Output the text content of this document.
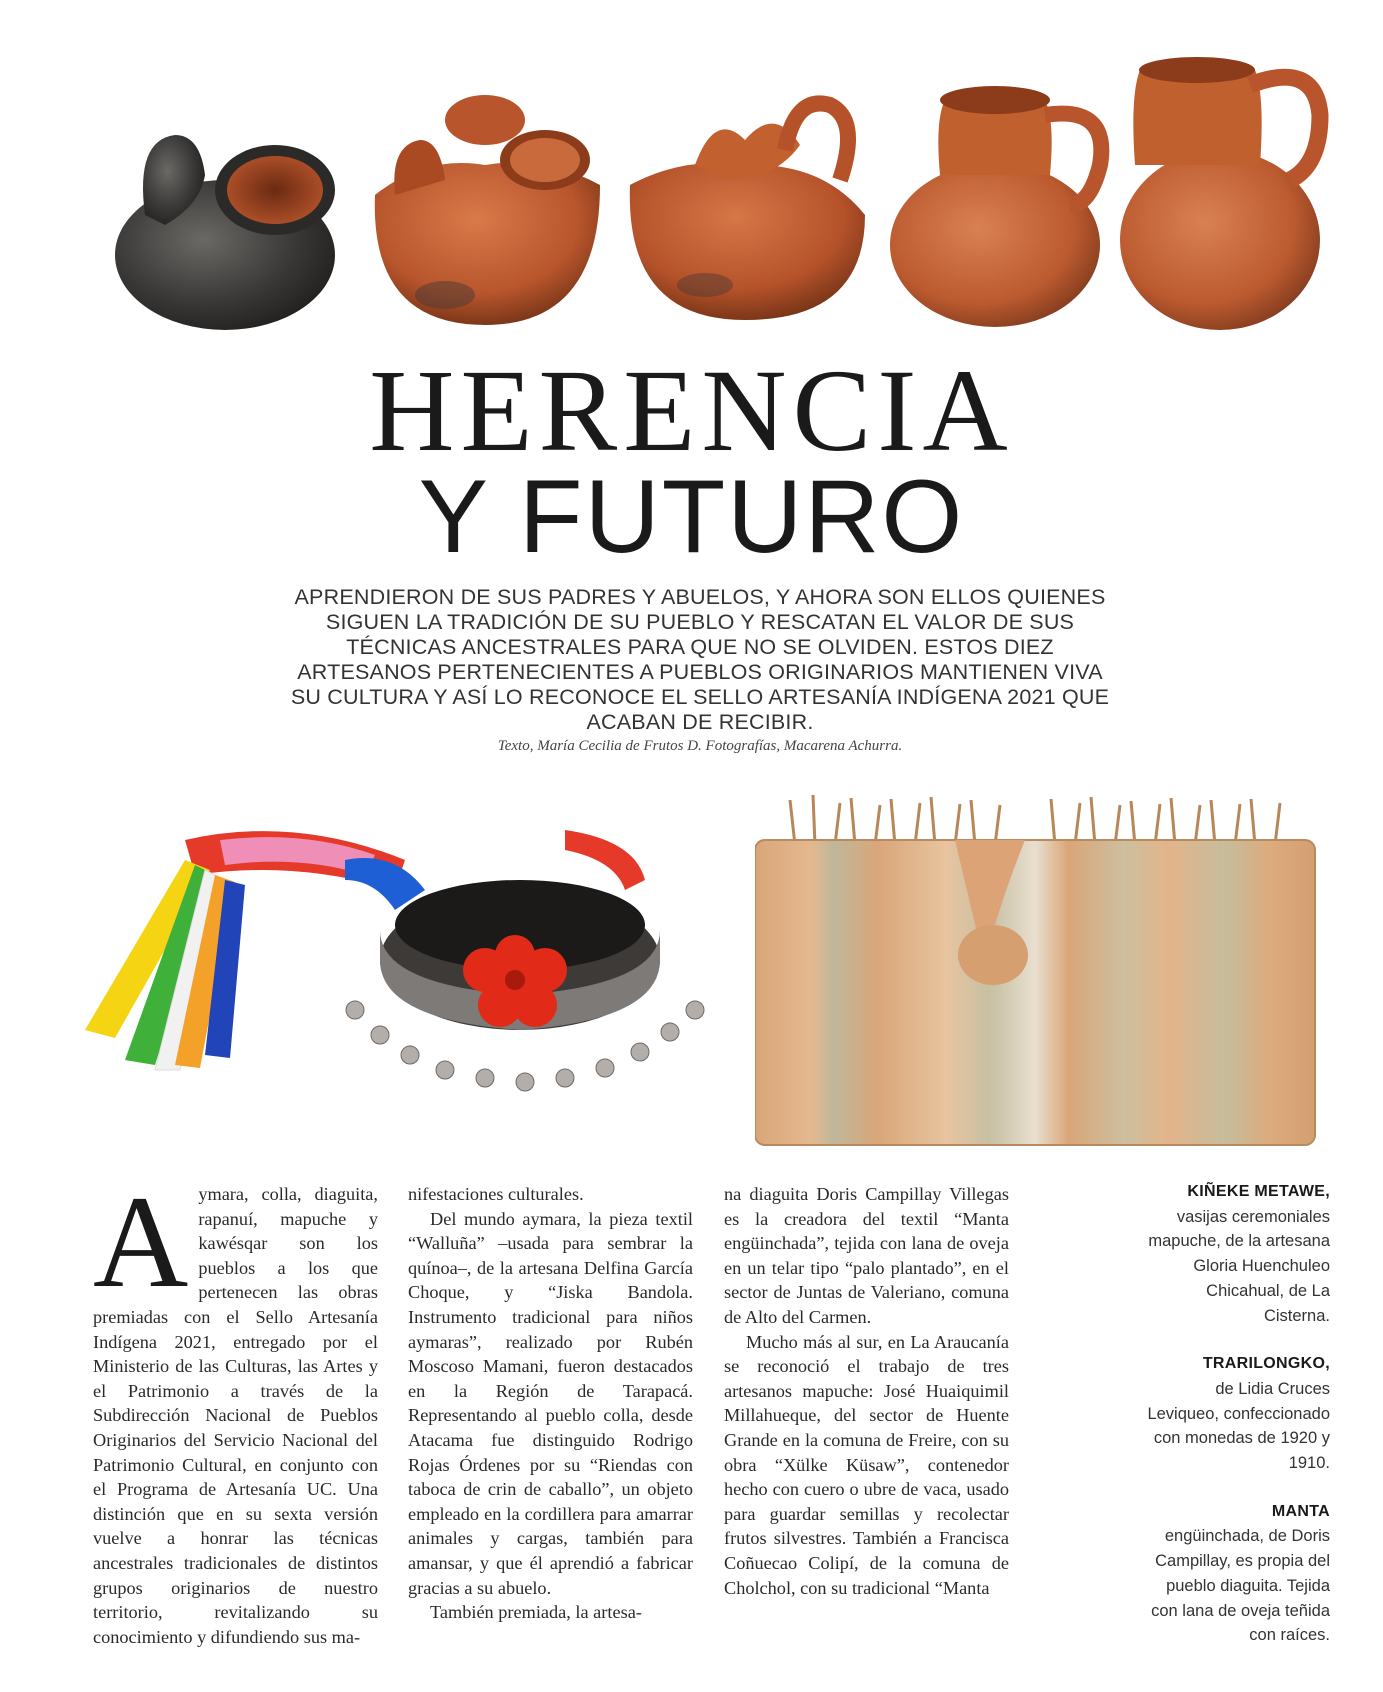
HERENCIA
Y FUTURO
APRENDIERON DE SUS PADRES Y ABUELOS, Y AHORA SON ELLOS QUIENES SIGUEN LA TRADICIÓN DE SU PUEBLO Y RESCATAN EL VALOR DE SUS TÉCNICAS ANCESTRALES PARA QUE NO SE OLVIDEN. ESTOS DIEZ ARTESANOS PERTENECIENTES A PUEBLOS ORIGINARIOS MANTIENEN VIVA SU CULTURA Y ASÍ LO RECONOCE EL SELLO ARTESANÍA INDÍGENA 2021 QUE ACABAN DE RECIBIR.
Texto, María Cecilia de Frutos D. Fotografías, Macarena Achurra.

Aymara, colla, diaguita, rapanuí, mapuche y kawésqar son los pueblos a los que pertenecen las obras premiadas con el Sello Artesanía Indígena 2021, entregado por el Ministerio de las Culturas, las Artes y el Patrimonio a través de la Subdirección Nacional de Pueblos Originarios del Servicio Nacional del Patrimonio Cultural, en conjunto con el Programa de Artesanía UC. Una distinción que en su sexta versión vuelve a honrar las técnicas ancestrales tradicionales de distintos grupos originarios de nuestro territorio, revitalizando su conocimiento y difundiendo sus ma-

nifestaciones culturales.

Del mundo aymara, la pieza textil “Walluña” –usada para sembrar la quínoa–, de la artesana Delfina García Choque, y “Jiska Bandola. Instrumento tradicional para niños aymaras”, realizado por Rubén Moscoso Mamani, fueron destacados en la Región de Tarapacá. Representando al pueblo colla, desde Atacama fue distinguido Rodrigo Rojas Órdenes por su “Riendas con taboca de crin de caballo”, un objeto empleado en la cordillera para amarrar animales y cargas, también para amansar, y que él aprendió a fabricar gracias a su abuelo.

También premiada, la artesa-

na diaguita Doris Campillay Villegas es la creadora del textil “Manta engüinchada”, tejida con lana de oveja en un telar tipo “palo plantado”, en el sector de Juntas de Valeriano, comuna de Alto del Carmen.

Mucho más al sur, en La Araucanía se reconoció el trabajo de tres artesanos mapuche: José Huaiquimil Millahueque, del sector de Huente Grande en la comuna de Freire, con su obra “Xülke Küsaw”, contenedor hecho con cuero o ubre de vaca, usado para guardar semillas y recolectar frutos silvestres. También a Francisca Coñuecao Colipí, de la comuna de Cholchol, con su tradicional “Manta

KIÑEKE METAWE,
vasijas ceremoniales mapuche, de la artesana Gloria Huenchuleo Chicahual, de La Cisterna.
TRARILONGKO,
de Lidia Cruces Leviqueo, confeccionado con monedas de 1920 y 1910.
MANTA
engüinchada, de Doris Campillay, es propia del pueblo diaguita. Tejida con lana de oveja teñida con raíces.
